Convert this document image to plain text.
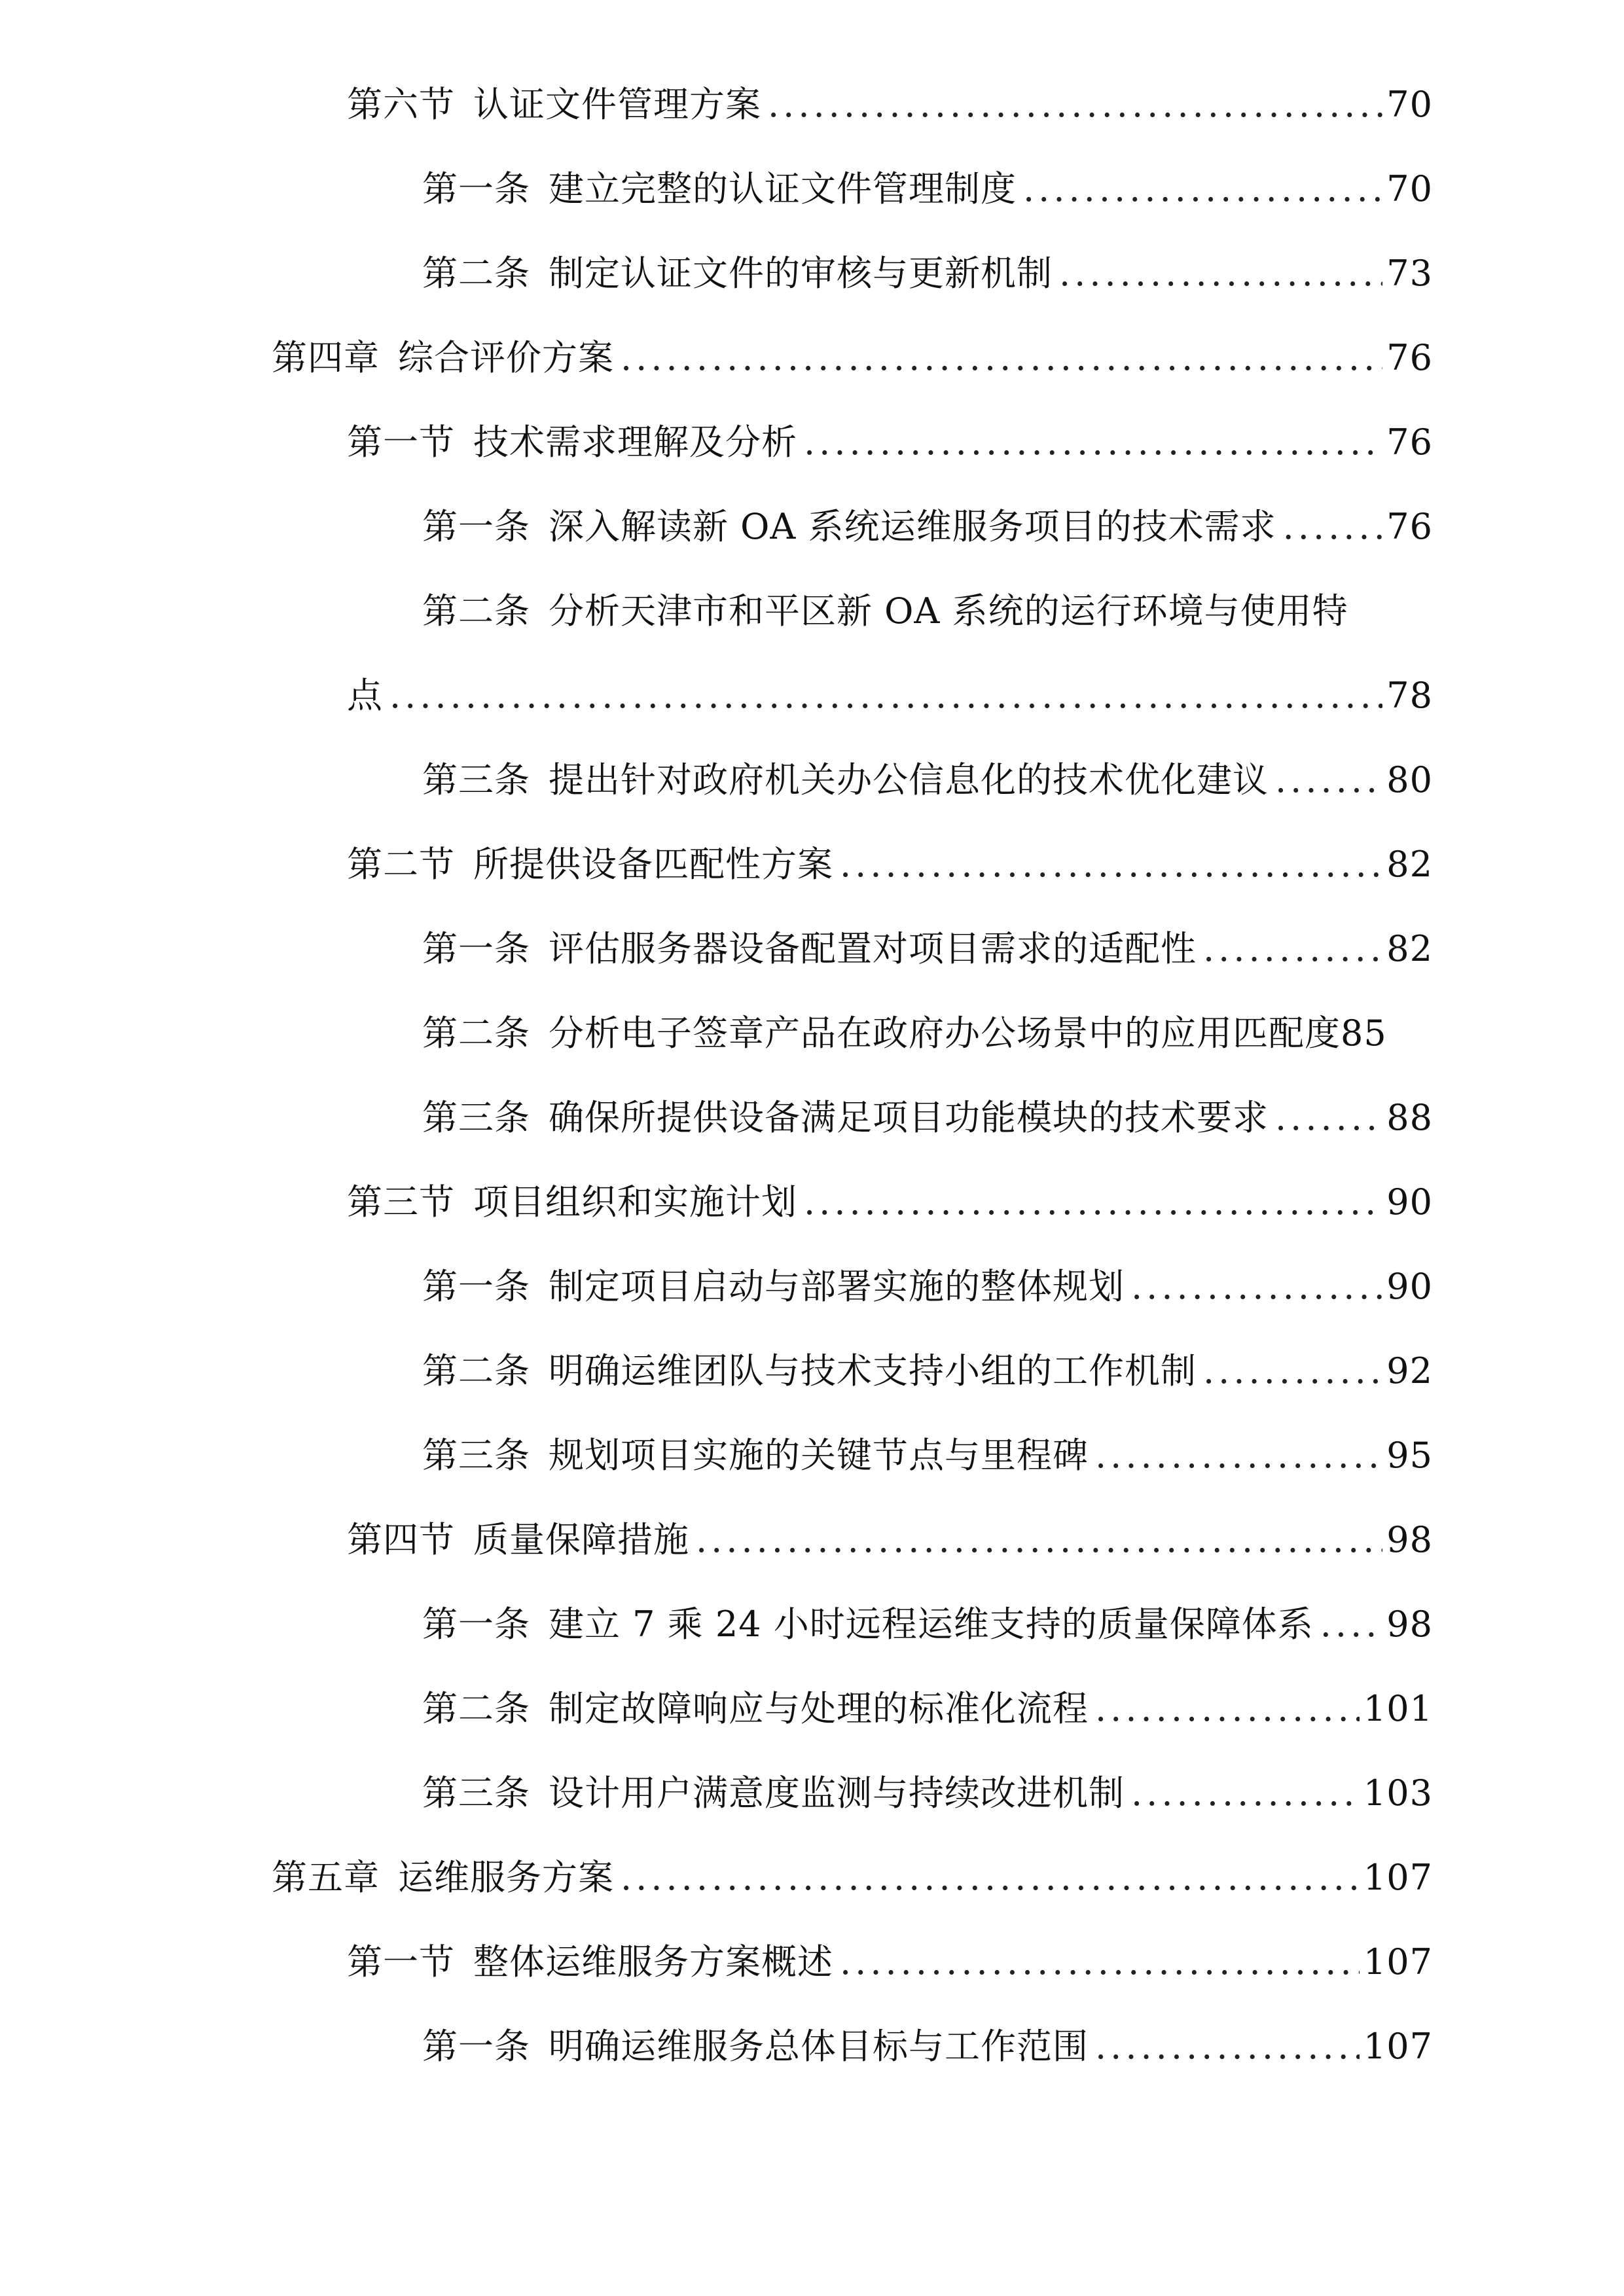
第六节 认证文件管理方案 .....	70
第一条 建立完整的认证文件管理制度 .....	70
第二条 制定认证文件的审核与更新机制 .....	73
第四章 综合评价方案 .....	76
第一节 技术需求理解及分析 .....	76
第一条 深入解读新 OA 系统运维服务项目的技术需求 .....	76
第二条 分析天津市和平区新 OA 系统的运行环境与使用特
点 .....	78
第三条 提出针对政府机关办公信息化的技术优化建议 .....	80
第二节 所提供设备匹配性方案 .....	82
第一条 评估服务器设备配置对项目需求的适配性 .....	82
第二条 分析电子签章产品在政府办公场景中的应用匹配度 85
第三条 确保所提供设备满足项目功能模块的技术要求 .....	88
第三节 项目组织和实施计划 .....	90
第一条 制定项目启动与部署实施的整体规划 .....	90
第二条 明确运维团队与技术支持小组的工作机制 .....	92
第三条 规划项目实施的关键节点与里程碑 .....	95
第四节 质量保障措施 .....	98
第一条 建立 7 乘 24 小时远程运维支持的质量保障体系 ..... 98
第二条 制定故障响应与处理的标准化流程 .....	101
第三条 设计用户满意度监测与持续改进机制 .....	103
第五章 运维服务方案 .....	107
第一节 整体运维服务方案概述 .....	107
第一条 明确运维服务总体目标与工作范围 .....	107
